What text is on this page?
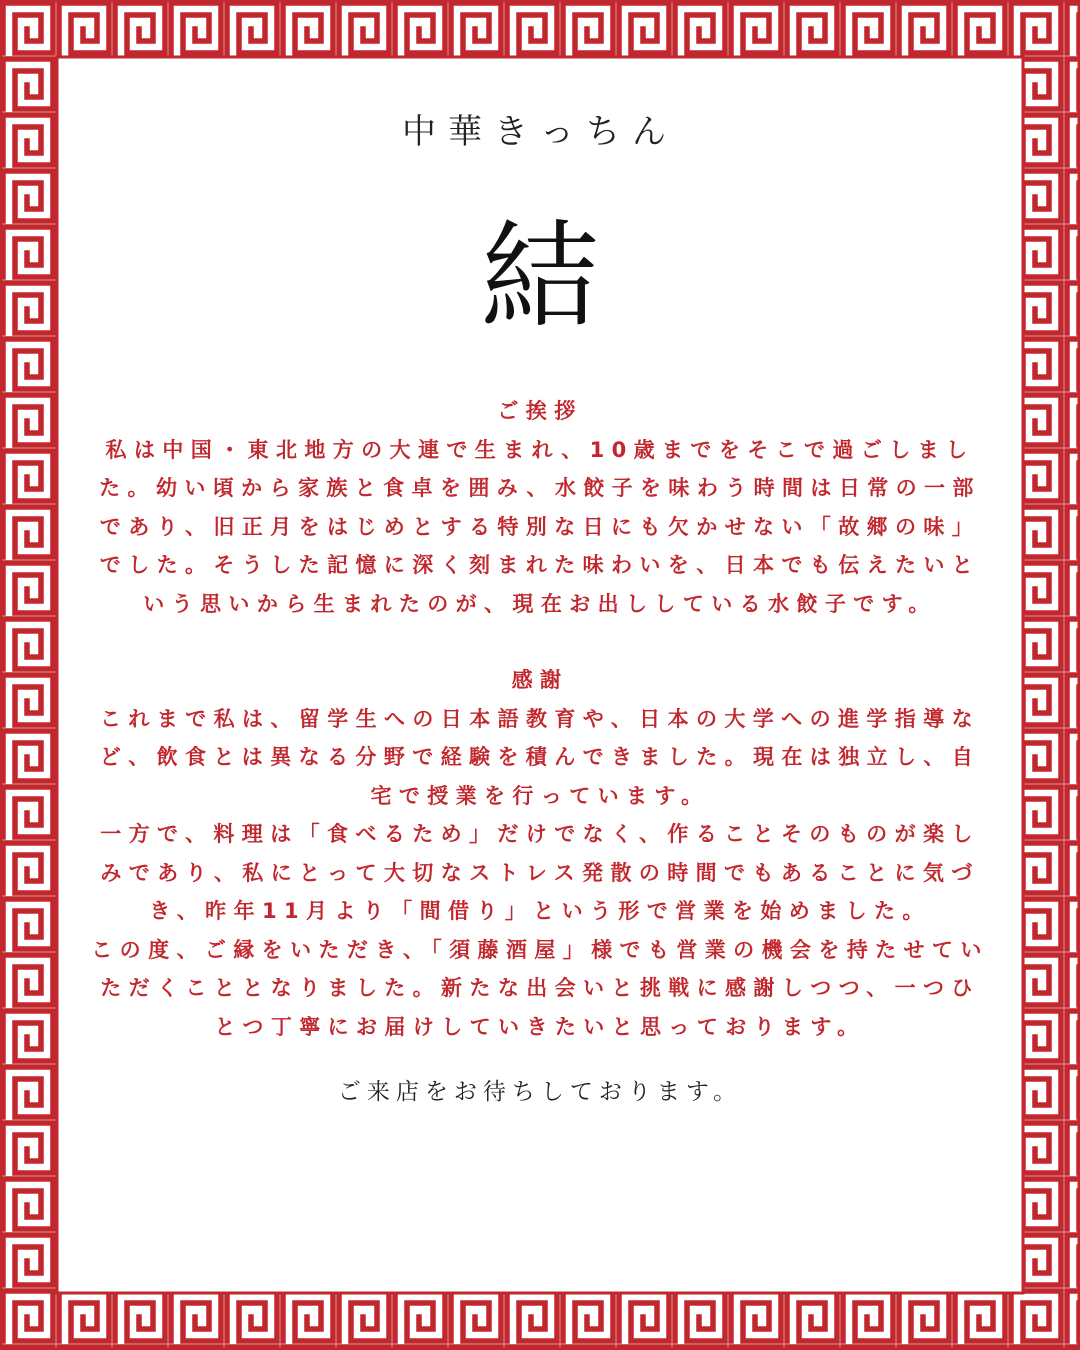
中華きっちん
結

ご挨拶

私は中国・東北地方の大連で生まれ、10歳までをそこで過ごしました。幼い頃から家族と食卓を囲み、水餃子を味わう時間は日常の一部であり、旧正月をはじめとする特別な日にも欠かせない「故郷の味」でした。そうした記憶に深く刻まれた味わいを、日本でも伝えたいという思いから生まれたのが、現在お出ししている水餃子です。

感謝

これまで私は、留学生への日本語教育や、日本の大学への進学指導など、飲食とは異なる分野で経験を積んできました。現在は独立し、自宅で授業を行っています。

一方で、料理は「食べるため」だけでなく、作ることそのものが楽しみであり、私にとって大切なストレス発散の時間でもあることに気づき、昨年11月より「間借り」という形で営業を始めました。

この度、ご縁をいただき、「須藤酒屋」様でも営業の機会を持たせていただくこととなりました。新たな出会いと挑戦に感謝しつつ、一つひとつ丁寧にお届けしていきたいと思っております。

ご来店をお待ちしております。
